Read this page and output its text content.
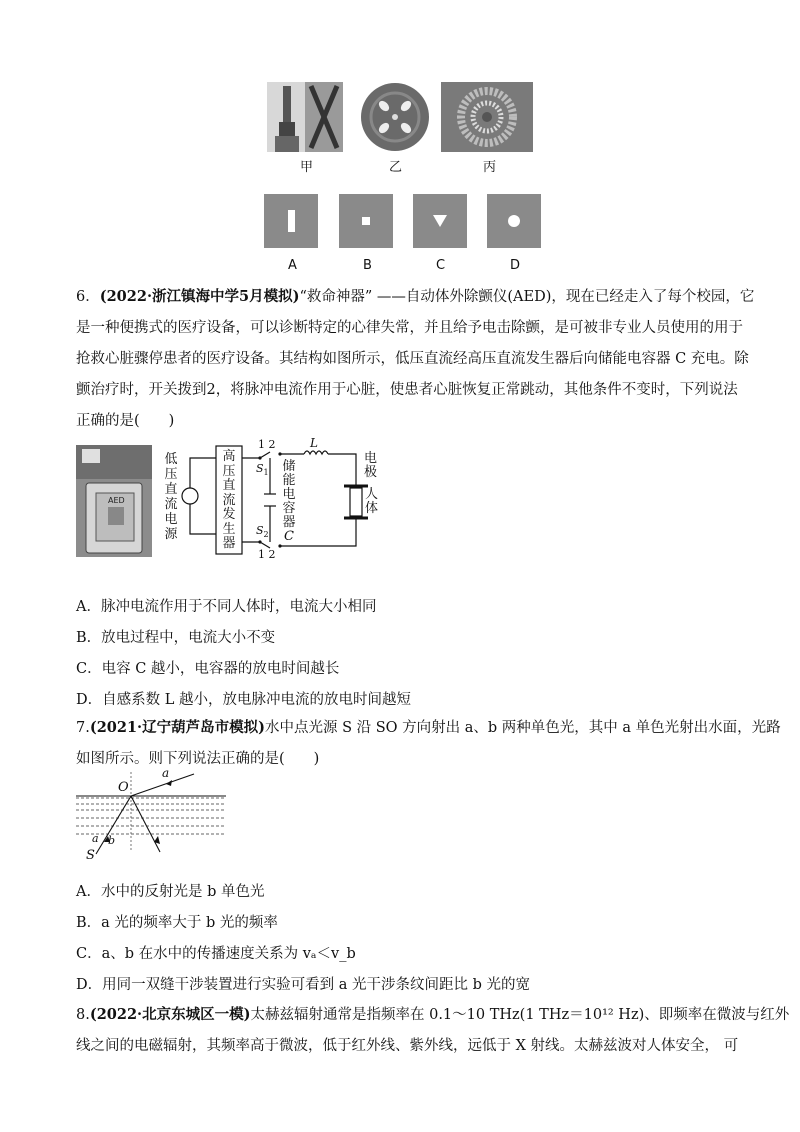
甲	乙	丙
A	B	C	D
6．(2022·浙江镇海中学5月模拟)“救命神器” ——自动体外除颤仪(AED)，现在已经走入了每个校园，它
是一种便携式的医疗设备，可以诊断特定的心律失常，并且给予电击除颤，是可被非专业人员使用的用于
抢救心脏骤停患者的医疗设备。其结构如图所示，低压直流经高压直流发生器后向储能电容器 C 充电。除
颤治疗时，开关拨到2，将脉冲电流作用于心脏，使患者心脏恢复正常跳动，其他条件不变时，下列说法
正确的是(　　)
AED
低
压
直
流
电
源
高
压
直
流
发
生
器
储
能
电
容
器
C
1 2
$S_1$
$S_2$
1 2
L
电
极
人
体
A．脉冲电流作用于不同人体时，电流大小相同
B．放电过程中，电流大小不变
C．电容 C 越小，电容器的放电时间越长
D．自感系数 L 越小，放电脉冲电流的放电时间越短
7.(2021·辽宁葫芦岛市模拟)水中点光源 S 沿 SO 方向射出 a、b 两种单色光，其中 a 单色光射出水面，光路
如图所示。则下列说法正确的是(　　)
O
a
a b
S
A．水中的反射光是 b 单色光
B．a 光的频率大于 b 光的频率
C．a、b 在水中的传播速度关系为 vₐ＜v_b
D．用同一双缝干涉装置进行实验可看到 a 光干涉条纹间距比 b 光的宽
8.(2022·北京东城区一模)太赫兹辐射通常是指频率在 0.1～10 THz(1 THz＝10¹² Hz)、即频率在微波与红外
线之间的电磁辐射，其频率高于微波，低于红外线、紫外线，远低于 X 射线。太赫兹波对人体安全， 可
